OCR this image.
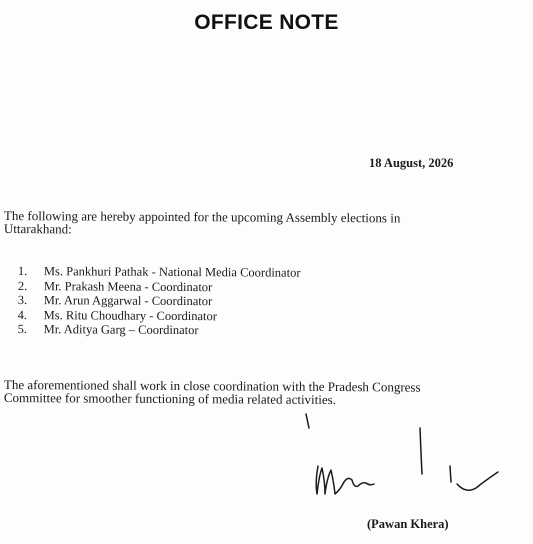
OFFICE NOTE
18 August, 2026
The following are hereby appointed for the upcoming Assembly elections in Uttarakhand:
1.	Ms. Pankhuri Pathak - National Media Coordinator
2.	Mr. Prakash Meena - Coordinator
3.	Mr. Arun Aggarwal - Coordinator
4.	Ms. Ritu Choudhary - Coordinator
5.	Mr. Aditya Garg – Coordinator
The aforementioned shall work in close coordination with the Pradesh Congress Committee for smoother functioning of media related activities.
(Pawan Khera)
